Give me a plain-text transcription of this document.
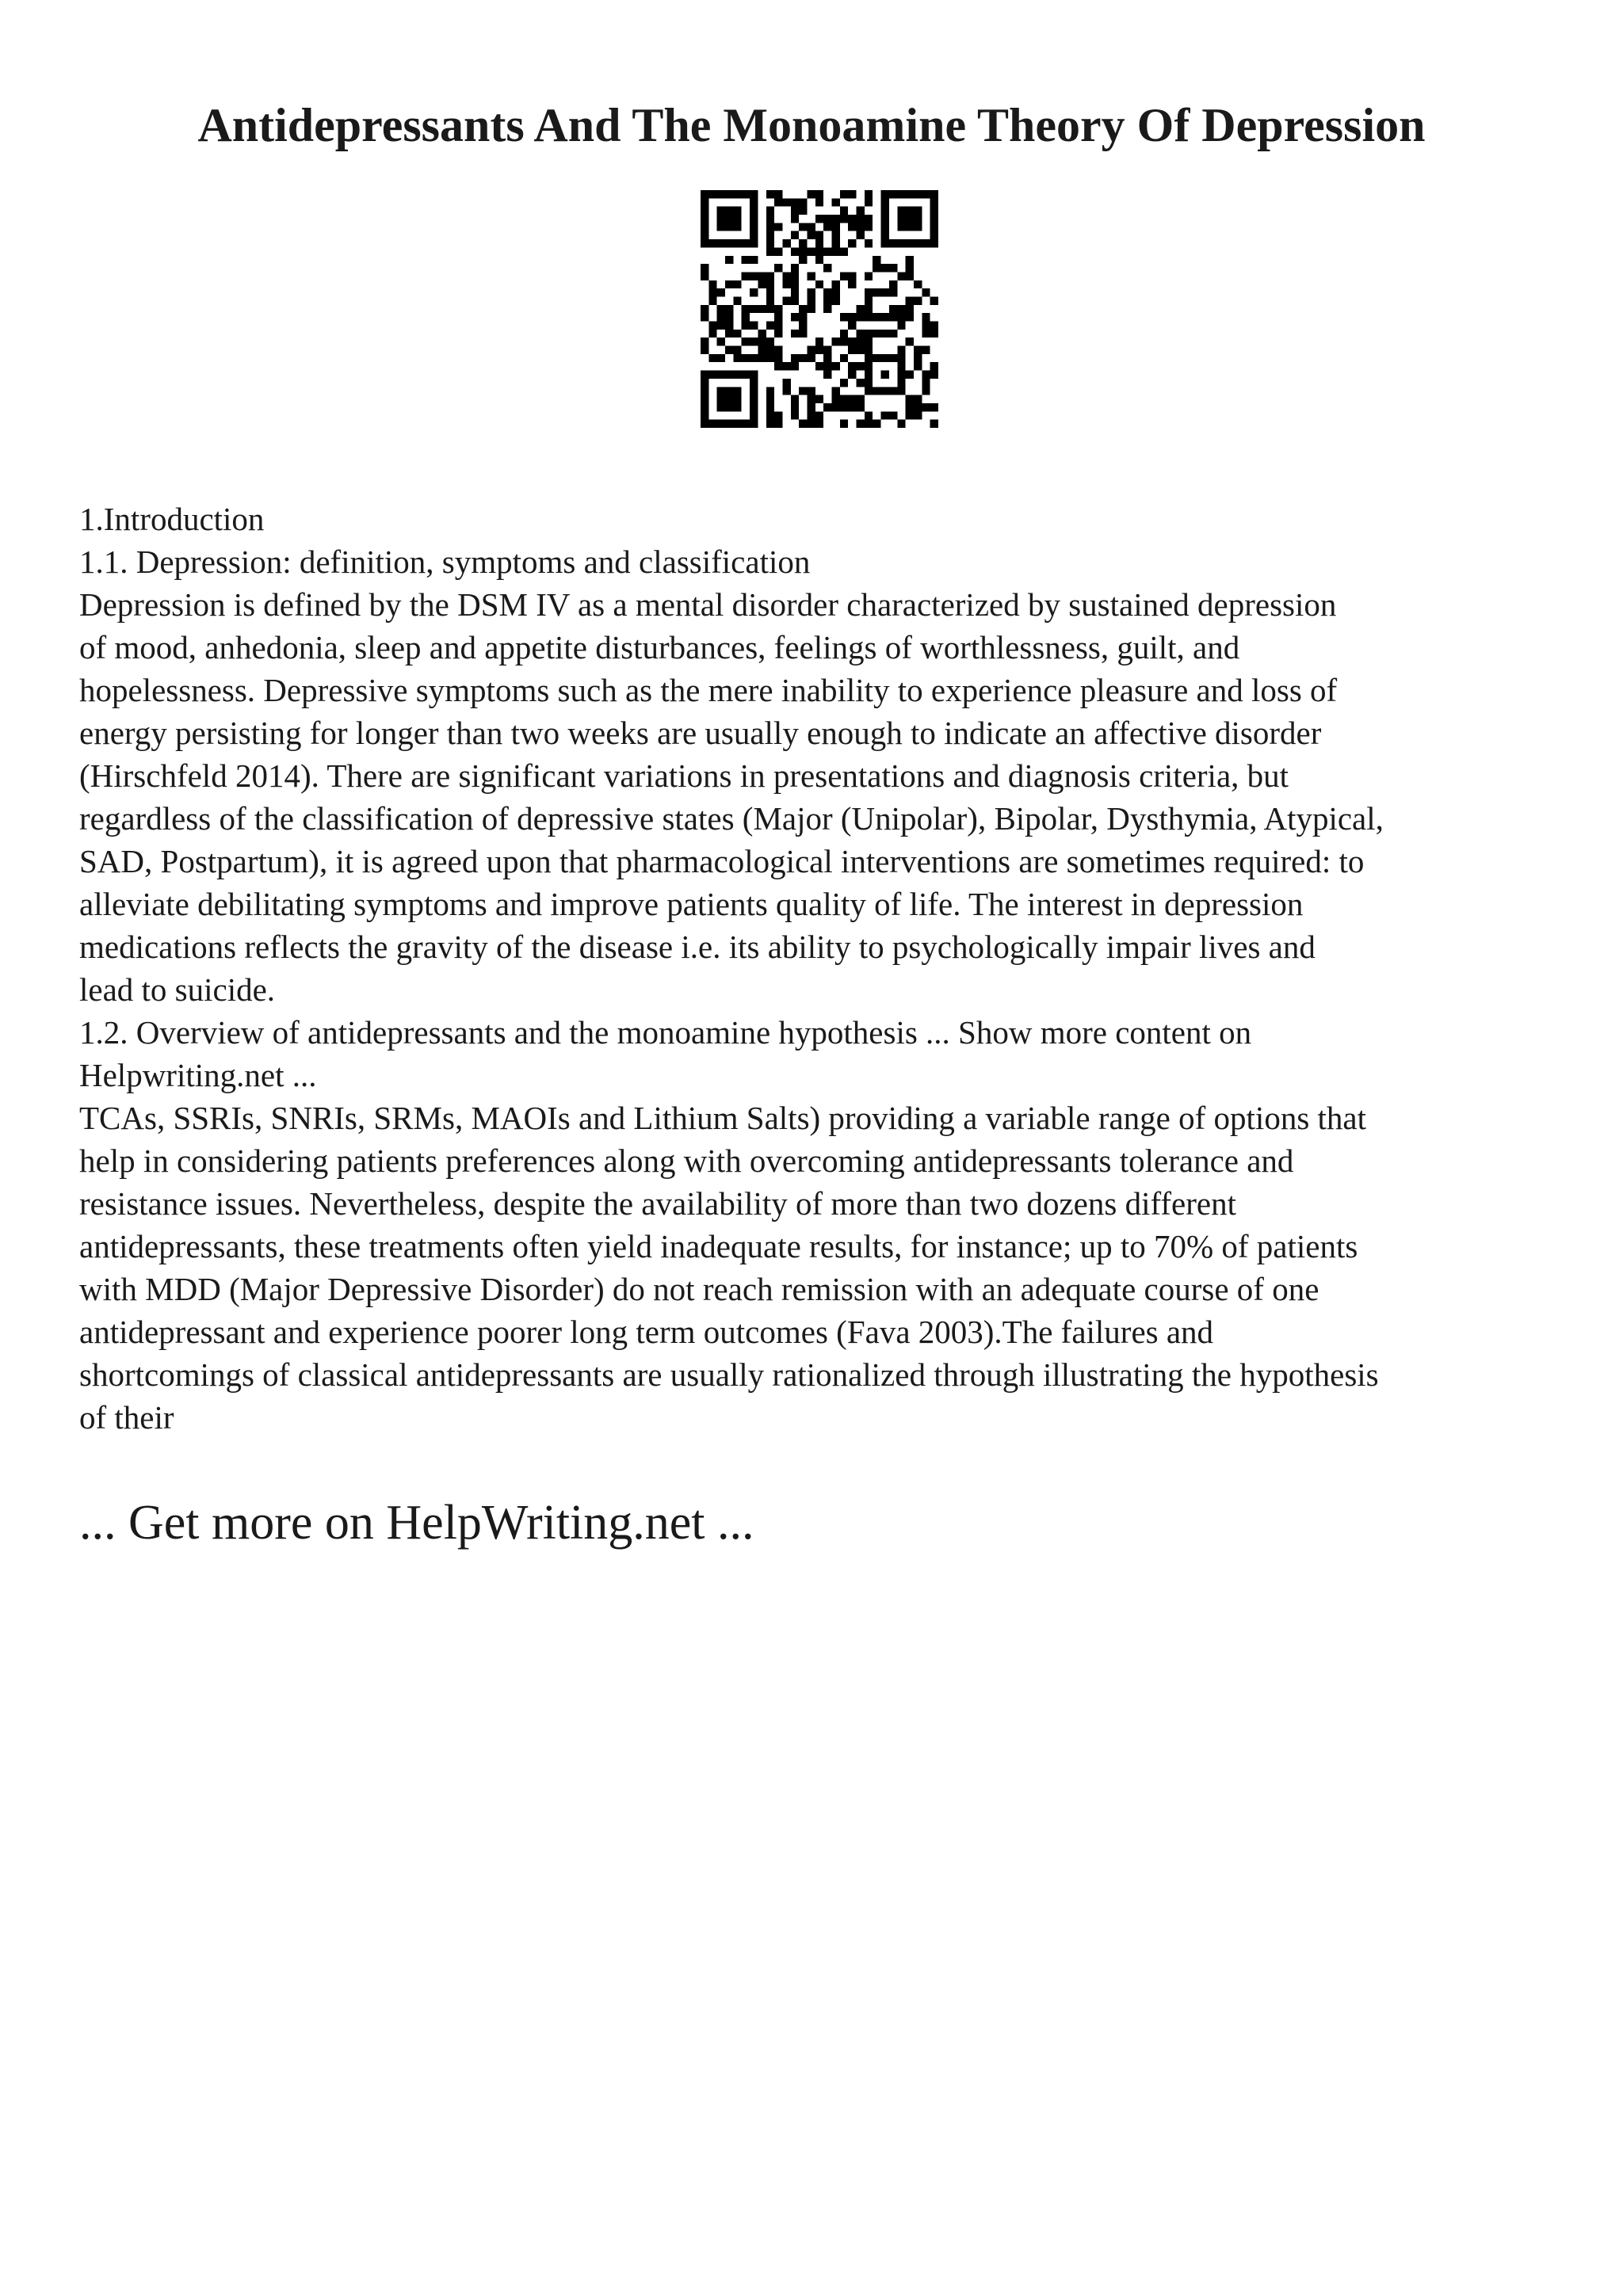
Antidepressants And The Monoamine Theory Of Depression
1.Introduction
1.1. Depression: definition, symptoms and classification
Depression is defined by the DSM IV as a mental disorder characterized by sustained depression
of mood, anhedonia, sleep and appetite disturbances, feelings of worthlessness, guilt, and
hopelessness. Depressive symptoms such as the mere inability to experience pleasure and loss of
energy persisting for longer than two weeks are usually enough to indicate an affective disorder
(Hirschfeld 2014). There are significant variations in presentations and diagnosis criteria, but
regardless of the classification of depressive states (Major (Unipolar), Bipolar, Dysthymia, Atypical,
SAD, Postpartum), it is agreed upon that pharmacological interventions are sometimes required: to
alleviate debilitating symptoms and improve patients quality of life. The interest in depression
medications reflects the gravity of the disease i.e. its ability to psychologically impair lives and
lead to suicide.
1.2. Overview of antidepressants and the monoamine hypothesis ... Show more content on
Helpwriting.net ...
TCAs, SSRIs, SNRIs, SRMs, MAOIs and Lithium Salts) providing a variable range of options that
help in considering patients preferences along with overcoming antidepressants tolerance and
resistance issues. Nevertheless, despite the availability of more than two dozens different
antidepressants, these treatments often yield inadequate results, for instance; up to 70% of patients
with MDD (Major Depressive Disorder) do not reach remission with an adequate course of one
antidepressant and experience poorer long term outcomes (Fava 2003).The failures and
shortcomings of classical antidepressants are usually rationalized through illustrating the hypothesis
of their
... Get more on HelpWriting.net ...
